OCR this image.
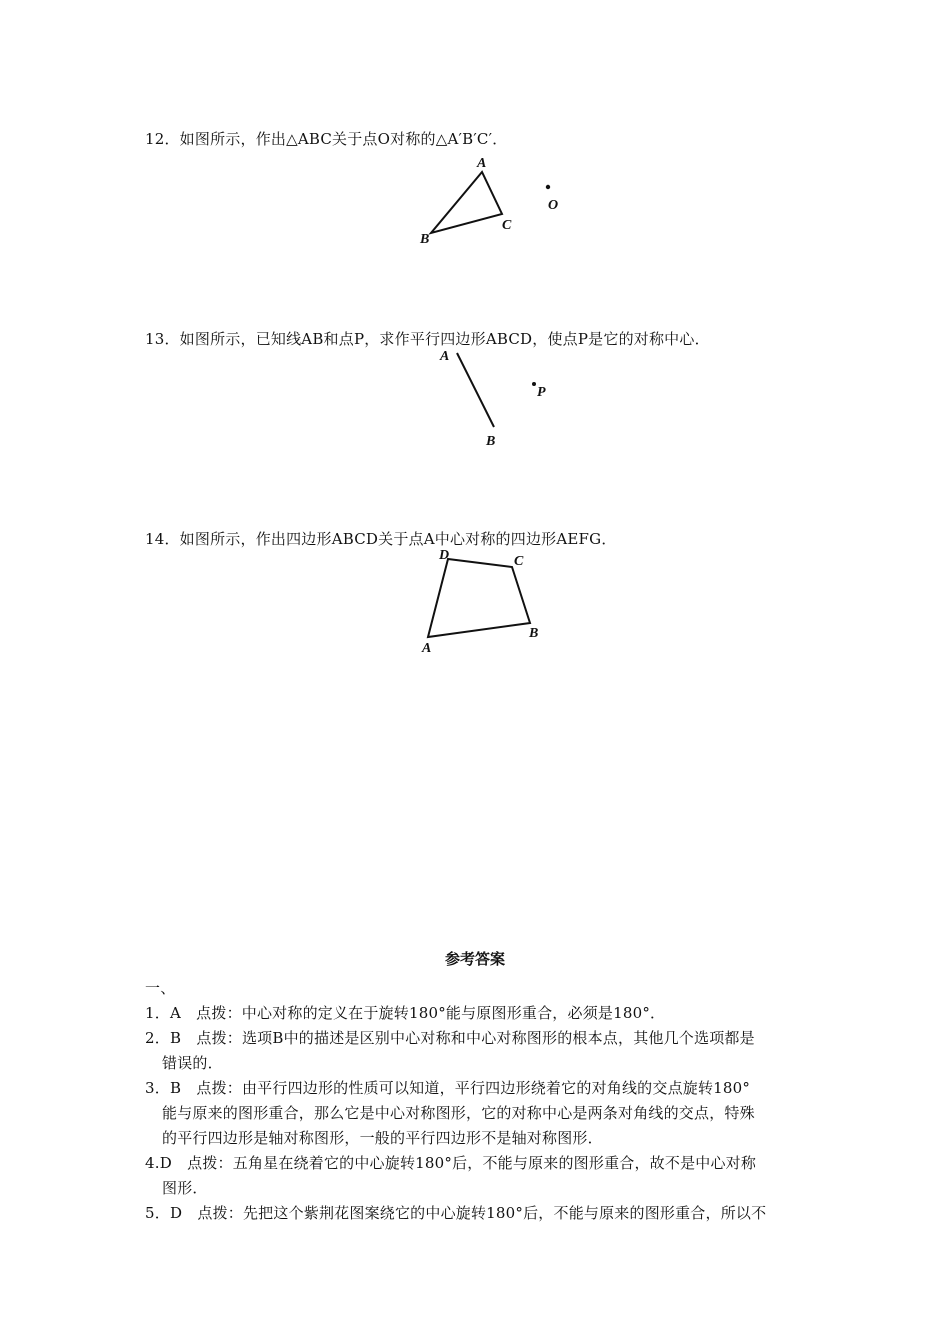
12．如图所示，作出△ABC关于点O对称的△A′B′C′．
A
B
C
O
13．如图所示，已知线AB和点P，求作平行四边形ABCD，使点P是它的对称中心．
A
B
P
14．如图所示，作出四边形ABCD关于点A中心对称的四边形AEFG．
A
B
C
D
参考答案
一、
1．A　点拨：中心对称的定义在于旋转180°能与原图形重合，必须是180°．
2．B　点拨：选项B中的描述是区别中心对称和中心对称图形的根本点，其他几个选项都是
错误的．
3．B　点拨：由平行四边形的性质可以知道，平行四边形绕着它的对角线的交点旋转180°
能与原来的图形重合，那么它是中心对称图形，它的对称中心是两条对角线的交点，特殊
的平行四边形是轴对称图形，一般的平行四边形不是轴对称图形．
4.D　点拨：五角星在绕着它的中心旋转180°后，不能与原来的图形重合，故不是中心对称
图形．
5．D　点拨：先把这个紫荆花图案绕它的中心旋转180°后，不能与原来的图形重合，所以不
